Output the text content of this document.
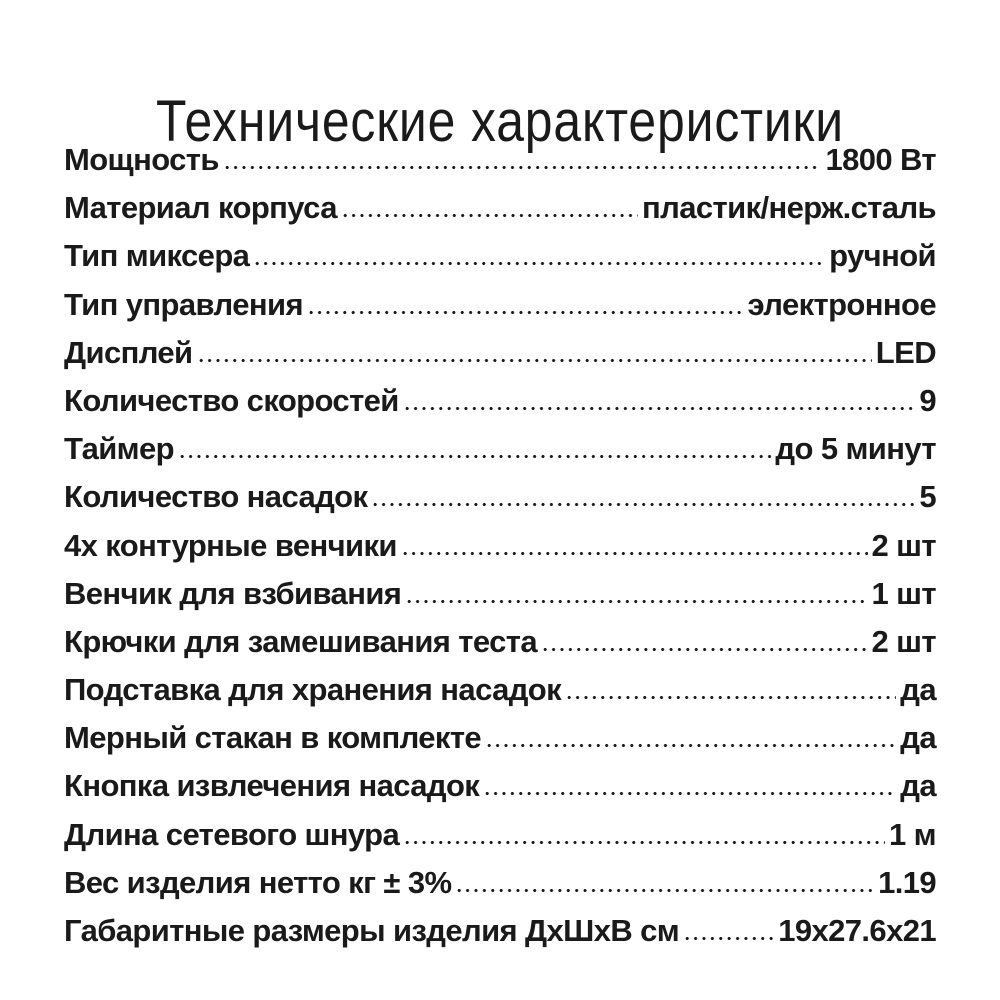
Технические характеристики
Мощность	1800 Вт
Материал корпуса	пластик/нерж.сталь
Тип миксера	ручной
Тип управления	электронное
Дисплей	LED
Количество скоростей	9
Таймер	до 5 минут
Количество насадок	5
4х контурные венчики	2 шт
Венчик для взбивания	1 шт
Крючки для замешивания теста	2 шт
Подставка для хранения насадок	да
Мерный стакан в комплекте	да
Кнопка извлечения насадок	да
Длина сетевого шнура	1 м
Вес изделия нетто кг ± 3%	1.19
Габаритные размеры изделия ДхШхВ см	19x27.6x21
